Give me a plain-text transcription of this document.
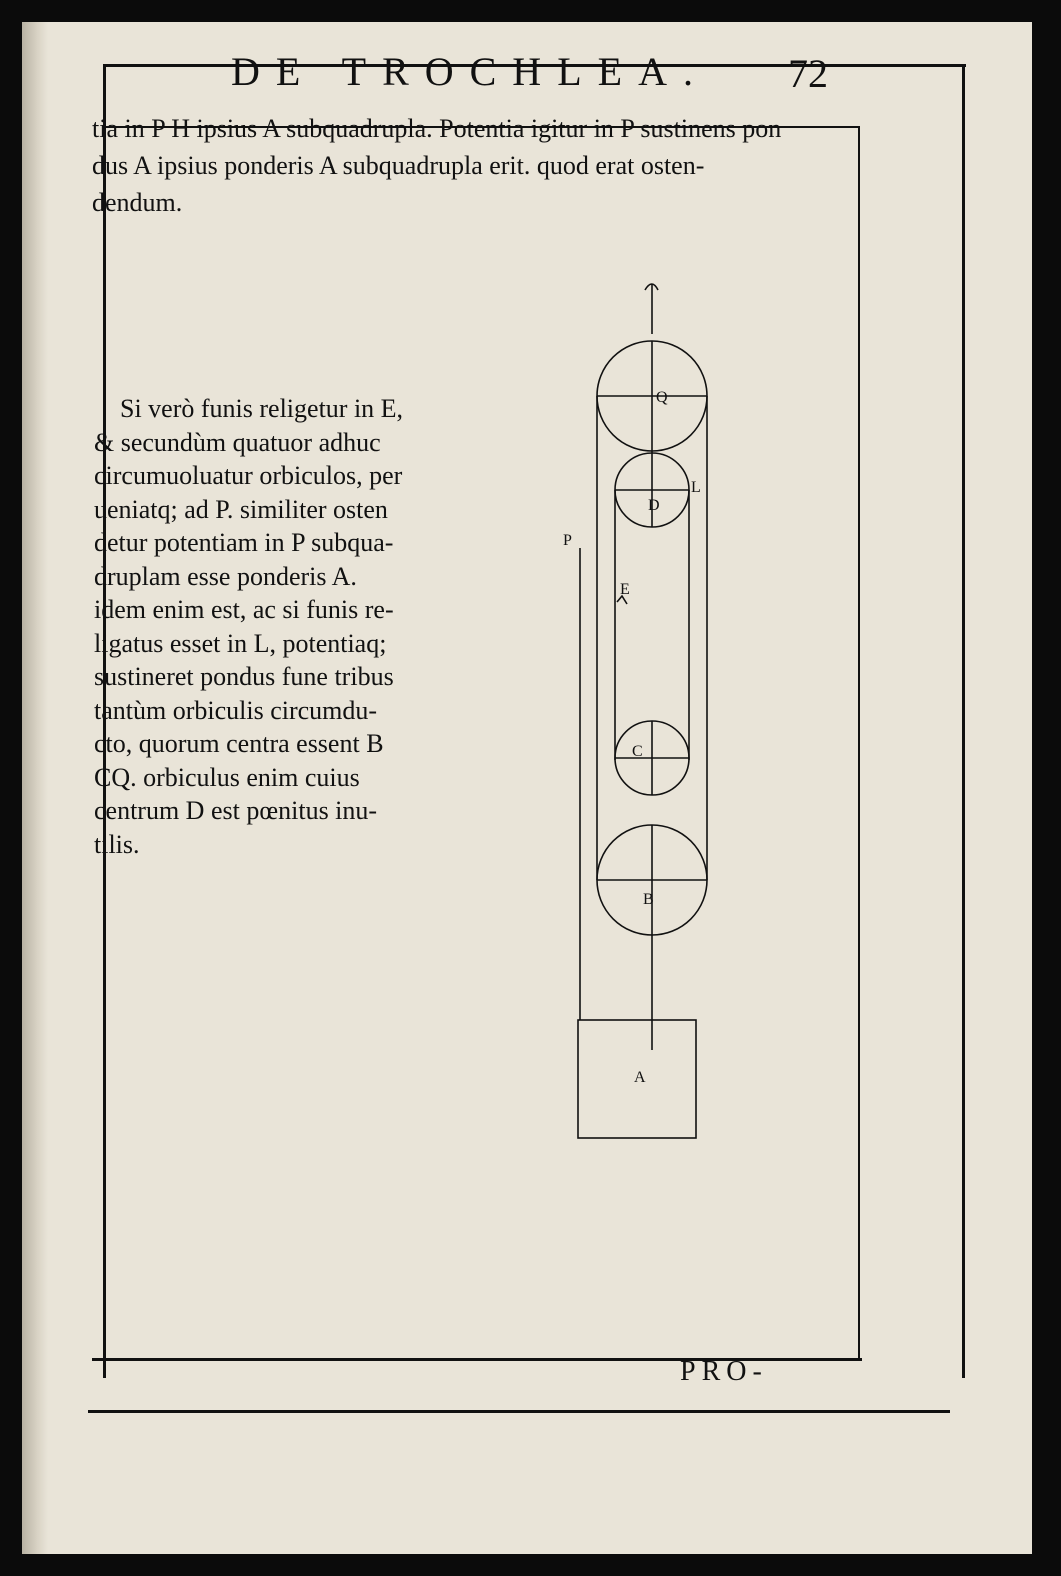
DE TROCHLEA.	72
tia in P H ipsius A subquadrupla. Potentia igitur in P sustinens pon
dus A ipsius ponderis A subquadrupla erit. quod erat osten-
dendum.
Si verò funis religetur in E,
& secundùm quatuor adhuc
circumuoluatur orbiculos, per
ueniatq; ad P. similiter osten
detur potentiam in P subqua-
druplam esse ponderis A.
idem enim est, ac si funis re-
ligatus esset in L, potentiaq;
sustineret pondus fune tribus
tantùm orbiculis circumdu-
cto, quorum centra essent B
CQ. orbiculus enim cuius
centrum D est pœnitus inu-
tilis.
Q
D
L
P
E
C
B
A
PRO-
